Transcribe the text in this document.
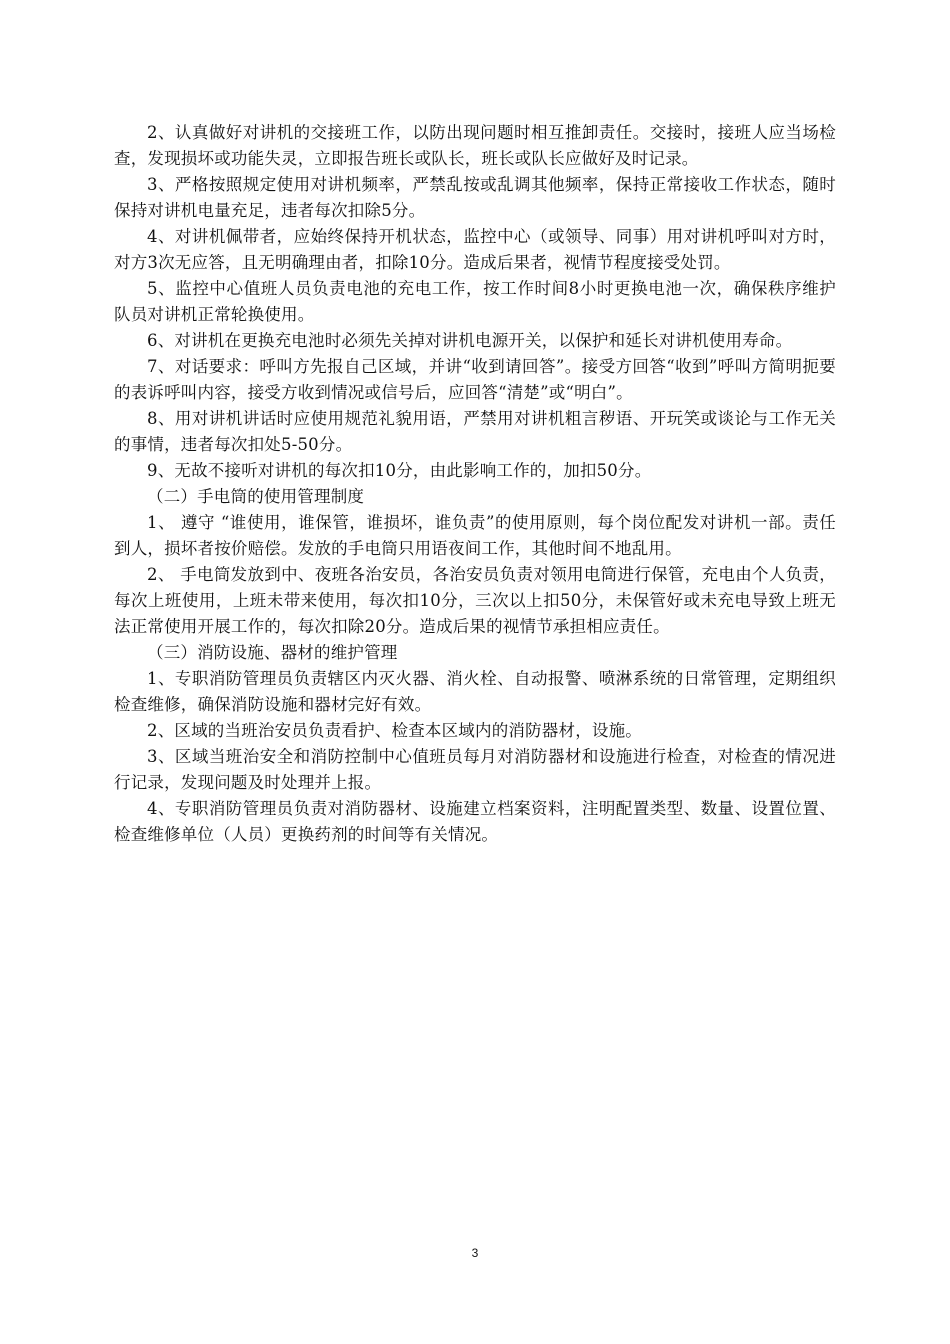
2、认真做好对讲机的交接班工作，以防出现问题时相互推卸责任。交接时，接班人应当场检查，发现损坏或功能失灵，立即报告班长或队长，班长或队长应做好及时记录。

3、严格按照规定使用对讲机频率，严禁乱按或乱调其他频率，保持正常接收工作状态，随时保持对讲机电量充足，违者每次扣除5分。

4、对讲机佩带者，应始终保持开机状态，监控中心（或领导、同事）用对讲机呼叫对方时，对方3次无应答，且无明确理由者，扣除10分。造成后果者，视情节程度接受处罚。

5、监控中心值班人员负责电池的充电工作，按工作时间8小时更换电池一次，确保秩序维护队员对讲机正常轮换使用。

6、对讲机在更换充电池时必须先关掉对讲机电源开关，以保护和延长对讲机使用寿命。

7、对话要求：呼叫方先报自己区域，并讲“收到请回答”。接受方回答“收到”呼叫方简明扼要的表诉呼叫内容，接受方收到情况或信号后，应回答“清楚”或“明白”。

8、用对讲机讲话时应使用规范礼貌用语，严禁用对讲机粗言秽语、开玩笑或谈论与工作无关的事情，违者每次扣处5-50分。

9、无故不接听对讲机的每次扣10分，由此影响工作的，加扣50分。

（二）手电筒的使用管理制度

1、 遵守 “谁使用，谁保管，谁损坏，谁负责”的使用原则，每个岗位配发对讲机一部。责任到人，损坏者按价赔偿。发放的手电筒只用语夜间工作，其他时间不地乱用。

2、 手电筒发放到中、夜班各治安员，各治安员负责对领用电筒进行保管，充电由个人负责，每次上班使用，上班未带来使用，每次扣10分，三次以上扣50分，未保管好或未充电导致上班无法正常使用开展工作的，每次扣除20分。造成后果的视情节承担相应责任。

（三）消防设施、器材的维护管理

1、专职消防管理员负责辖区内灭火器、消火栓、自动报警、喷淋系统的日常管理，定期组织检查维修，确保消防设施和器材完好有效。

2、区域的当班治安员负责看护、检查本区域内的消防器材，设施。

3、区域当班治安全和消防控制中心值班员每月对消防器材和设施进行检查，对检查的情况进行记录，发现问题及时处理并上报。

4、专职消防管理员负责对消防器材、设施建立档案资料，注明配置类型、数量、设置位置、检查维修单位（人员）更换药剂的时间等有关情况。

3
